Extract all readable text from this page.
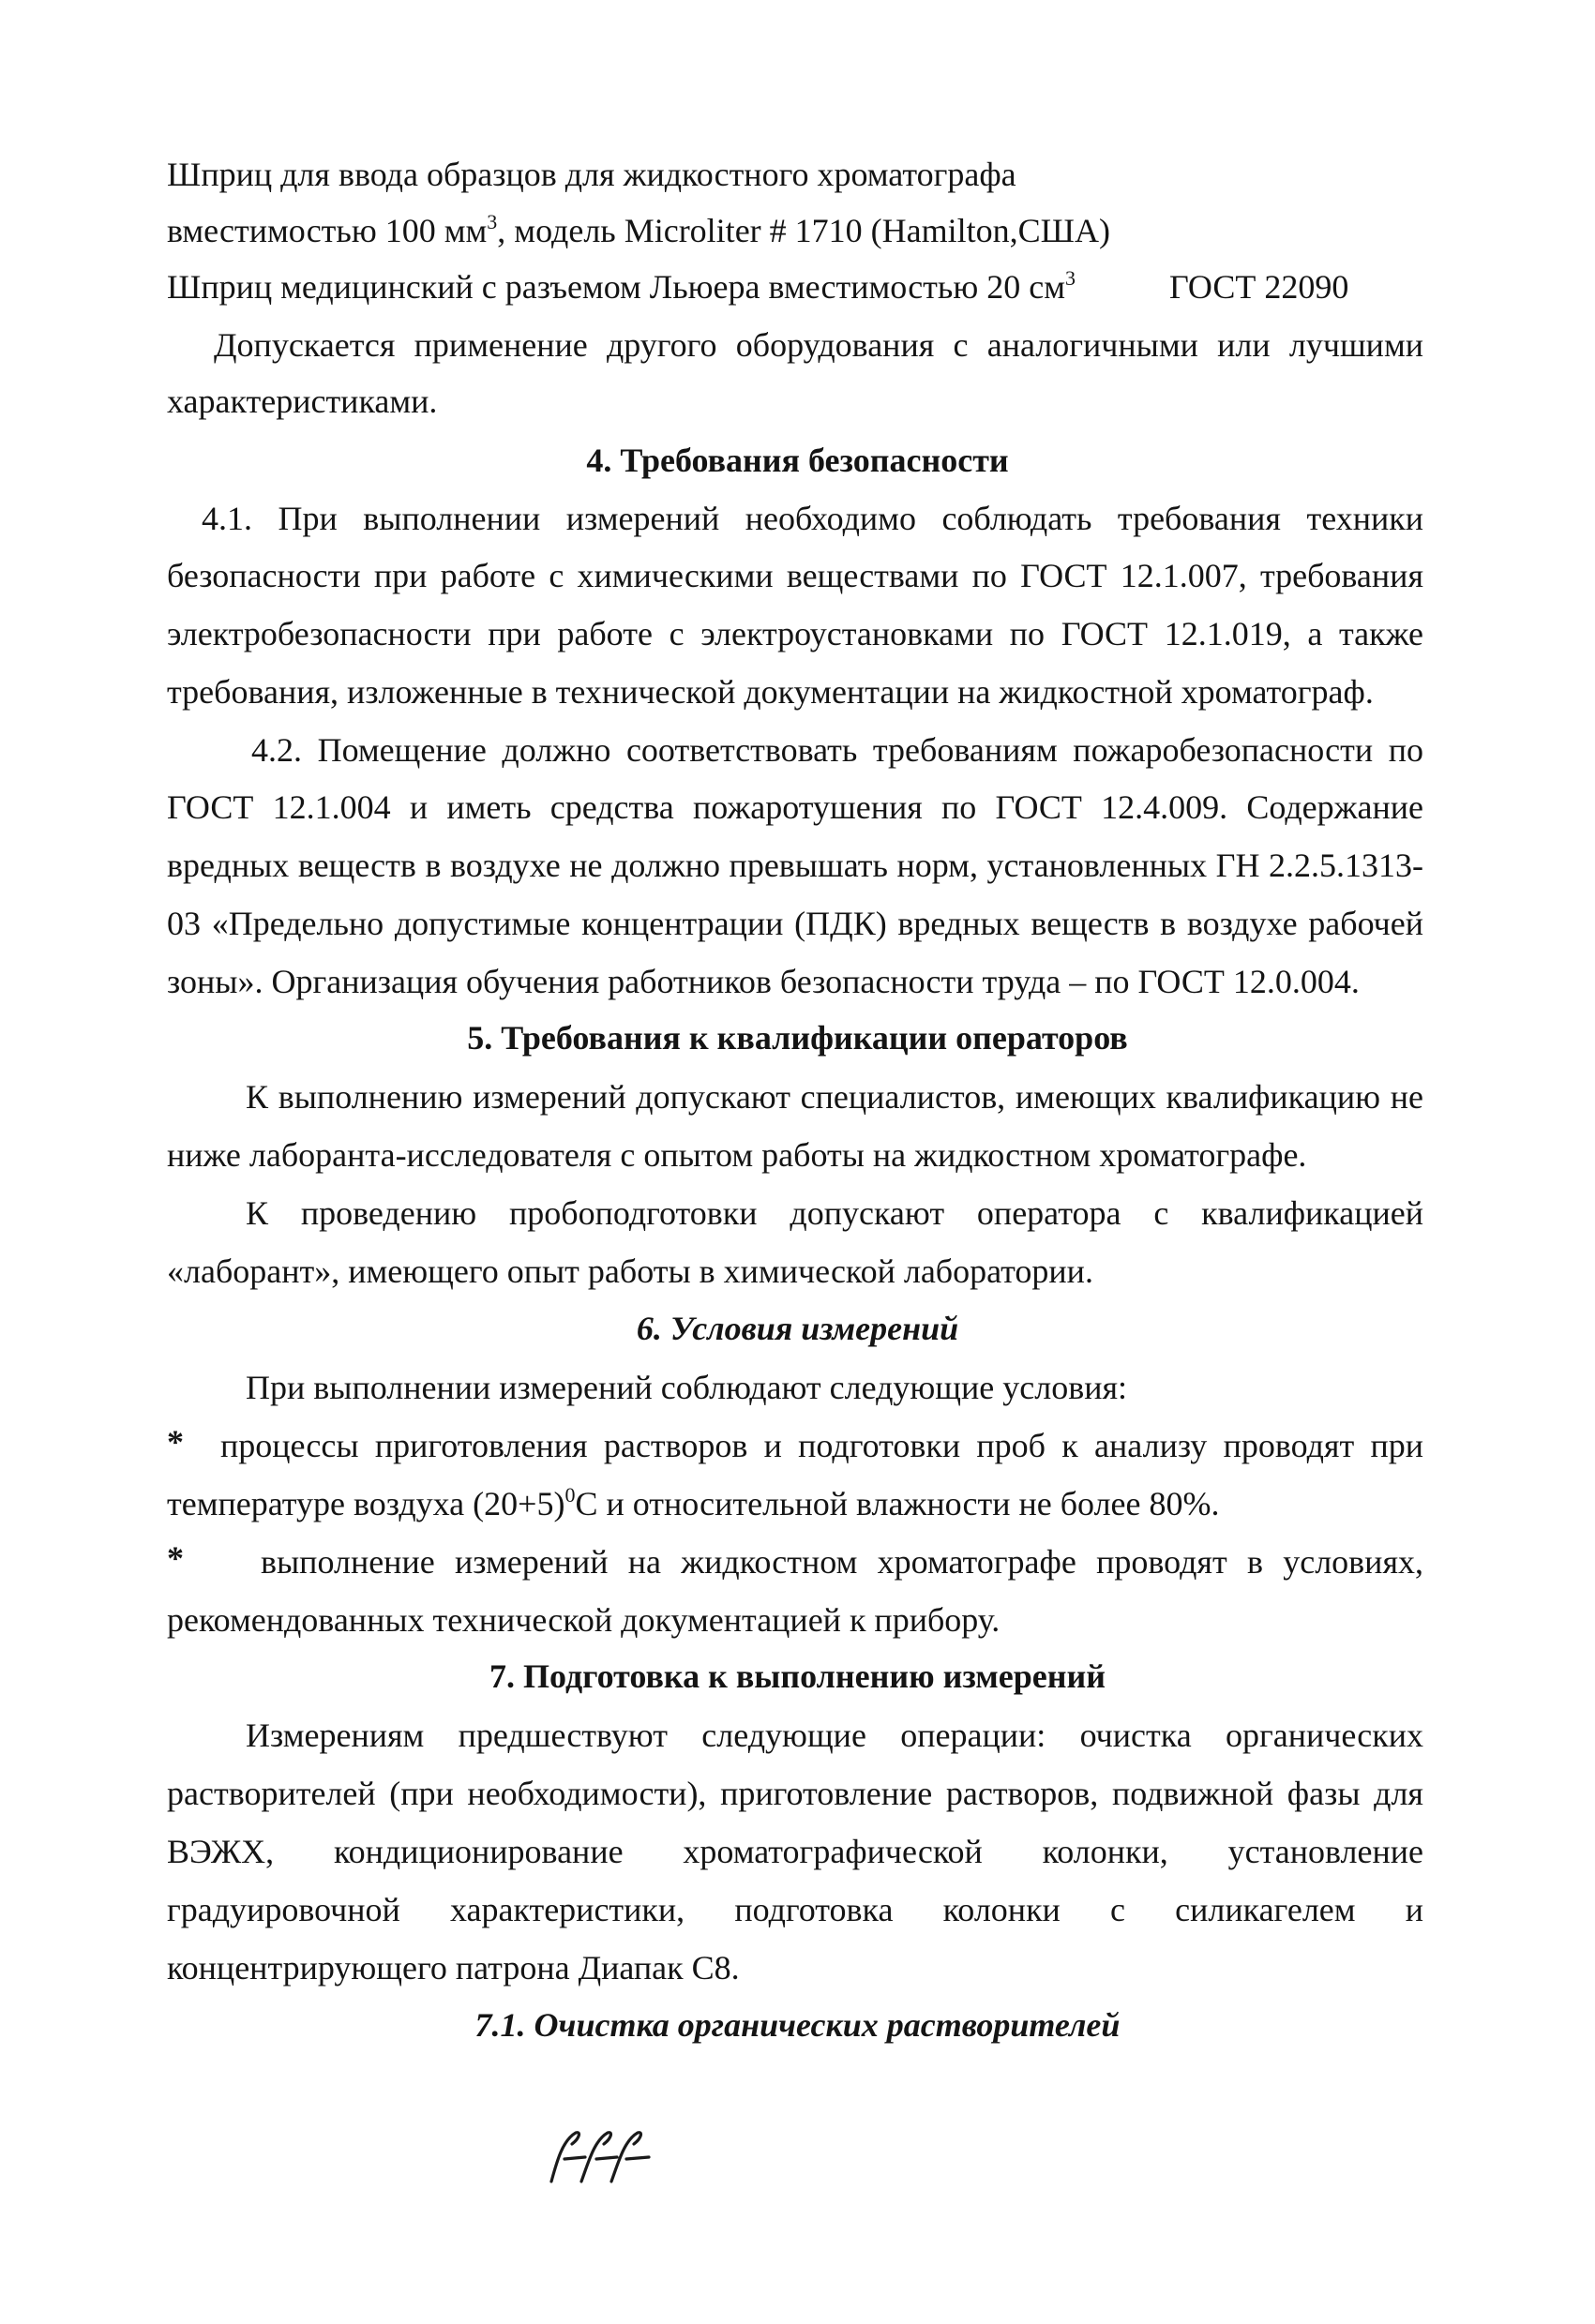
Шприц для ввода образцов для жидкостного хроматографа
вместимостью 100 $мм^3$, модель Microliter # 1710 (Hamilton,США)
Шприц медицинский с разъемом Льюера вместимостью 20 $см^3$	ГОСТ 22090
Допускается применение другого оборудования с аналогичными или лучшими
характеристиками.
4. Требования безопасности
4.1. При выполнении измерений необходимо соблюдать требования техники
безопасности при работе с химическими веществами по ГОСТ 12.1.007, требования
электробезопасности при работе с электроустановками по ГОСТ 12.1.019, а также
требования, изложенные в технической документации на жидкостной хроматограф.
4.2. Помещение должно соответствовать требованиям пожаробезопасности по
ГОСТ 12.1.004 и иметь средства пожаротушения по ГОСТ 12.4.009. Содержание
вредных веществ в воздухе не должно превышать норм, установленных ГН 2.2.5.1313-
03 «Предельно допустимые концентрации (ПДК) вредных веществ в воздухе рабочей
зоны». Организация обучения работников безопасности труда – по ГОСТ 12.0.004.
5. Требования к квалификации операторов
К выполнению измерений допускают специалистов, имеющих квалификацию не
ниже лаборанта-исследователя с опытом работы на жидкостном хроматографе.
К проведению пробоподготовки допускают оператора с квалификацией
«лаборант», имеющего опыт работы в химической лаборатории.
6. Условия измерений
При выполнении измерений соблюдают следующие условия:
* процессы приготовления растворов и подготовки проб к анализу проводят при
температуре воздуха $(20+5)^0С$ и относительной влажности не более 80%.
* выполнение измерений на жидкостном хроматографе проводят в условиях,
рекомендованных технической документацией к прибору.
7. Подготовка к выполнению измерений
Измерениям предшествуют следующие операции: очистка органических
растворителей (при необходимости), приготовление растворов, подвижной фазы для
ВЭЖХ, кондиционирование хроматографической колонки, установление
градуировочной характеристики, подготовка колонки с силикагелем и
концентрирующего патрона Диапак С8.
7.1. Очистка органических растворителей
